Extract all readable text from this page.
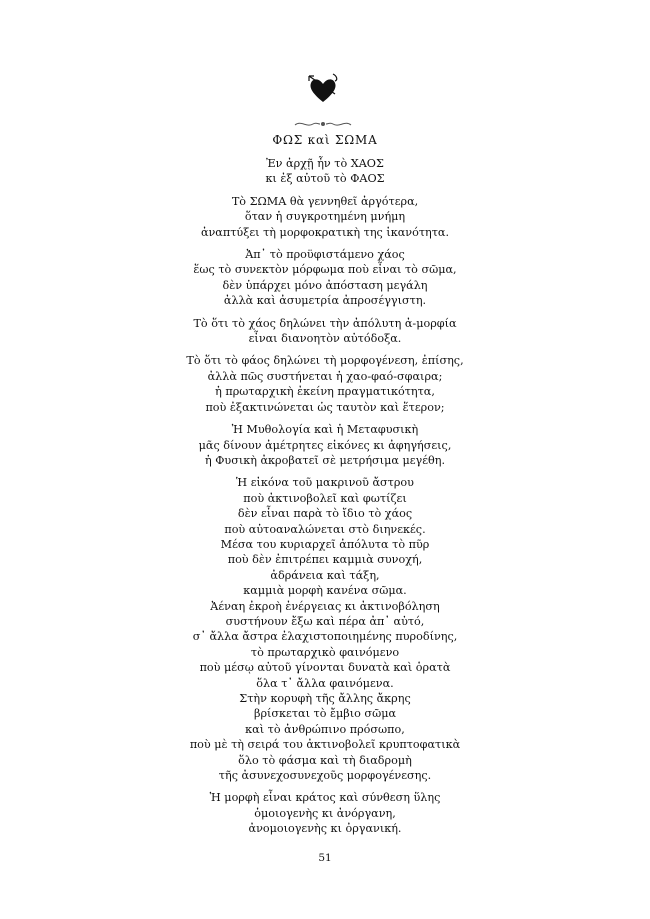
ΦΩΣ καὶ ΣΩΜΑ
Ἐν ἀρχῇ ἦν τὸ ΧΑΟΣ
κι ἐξ αὐτοῦ τὸ ΦΑΟΣ
Τὸ ΣΩΜΑ θὰ γεννηθεῖ ἀργότερα,
ὅταν ἡ συγκροτημένη μνήμη
ἀναπτύξει τὴ μορφοκρατικὴ της ἱκανότητα.
Ἀπ᾽ τὸ προϋφιστάμενο χάος
ἕως τὸ συνεκτὸν μόρφωμα ποὺ εἶναι τὸ σῶμα,
δὲν ὑπάρχει μόνο ἀπόσταση μεγάλη
ἀλλὰ καὶ ἀσυμετρία ἀπροσέγγιστη.
Τὸ ὅτι τὸ χάος δηλώνει τὴν ἀπόλυτη ἀ-μορφία
εἶναι διανοητὸν αὐτόδοξα.
Τὸ ὅτι τὸ φάος δηλώνει τὴ μορφογένεση, ἐπίσης,
ἀλλὰ πῶς συστήνεται ἡ χαο-φαό-σφαιρα;
ἡ πρωταρχικὴ ἐκείνη πραγματικότητα,
ποὺ ἐξακτινώνεται ὡς ταυτὸν καὶ ἕτερον;
Ἡ Μυθολογία καὶ ἡ Μεταφυσικὴ
μᾶς δίνουν ἀμέτρητες εἰκόνες κι ἀφηγήσεις,
ἡ Φυσικὴ ἀκροβατεῖ σὲ μετρήσιμα μεγέθη.
Ἡ εἰκόνα τοῦ μακρινοῦ ἄστρου
ποὺ ἀκτινοβολεῖ καὶ φωτίζει
δὲν εἶναι παρὰ τὸ ἴδιο τὸ χάος
ποὺ αὐτοαναλώνεται στὸ διηνεκές.
Μέσα του κυριαρχεῖ ἀπόλυτα τὸ πῦρ
ποὺ δὲν ἐπιτρέπει καμμιὰ συνοχή,
ἀδράνεια καὶ τάξη,
καμμιὰ μορφὴ κανένα σῶμα.
Ἀέναη ἐκροὴ ἐνέργειας κι ἀκτινοβόληση
συστήνουν ἔξω καὶ πέρα ἀπ᾽ αὐτό,
σ᾽ ἄλλα ἄστρα ἐλαχιστοποιημένης πυροδίνης,
τὸ πρωταρχικὸ φαινόμενο
ποὺ μέσῳ αὐτοῦ γίνονται δυνατὰ καὶ ὁρατὰ
ὅλα τ᾽ ἄλλα φαινόμενα.
Στὴν κορυφὴ τῆς ἄλλης ἄκρης
βρίσκεται τὸ ἔμβιο σῶμα
καὶ τὸ ἀνθρώπινο πρόσωπο,
ποὺ μὲ τὴ σειρά του ἀκτινοβολεῖ κρυπτοφατικὰ
ὅλο τὸ φάσμα καὶ τὴ διαδρομὴ
τῆς ἀσυνεχοσυνεχοῦς μορφογένεσης.
Ἡ μορφὴ εἶναι κράτος καὶ σύνθεση ὕλης
ὁμοιογενὴς κι ἀνόργανη,
ἀνομοιογενὴς κι ὀργανική.
51
